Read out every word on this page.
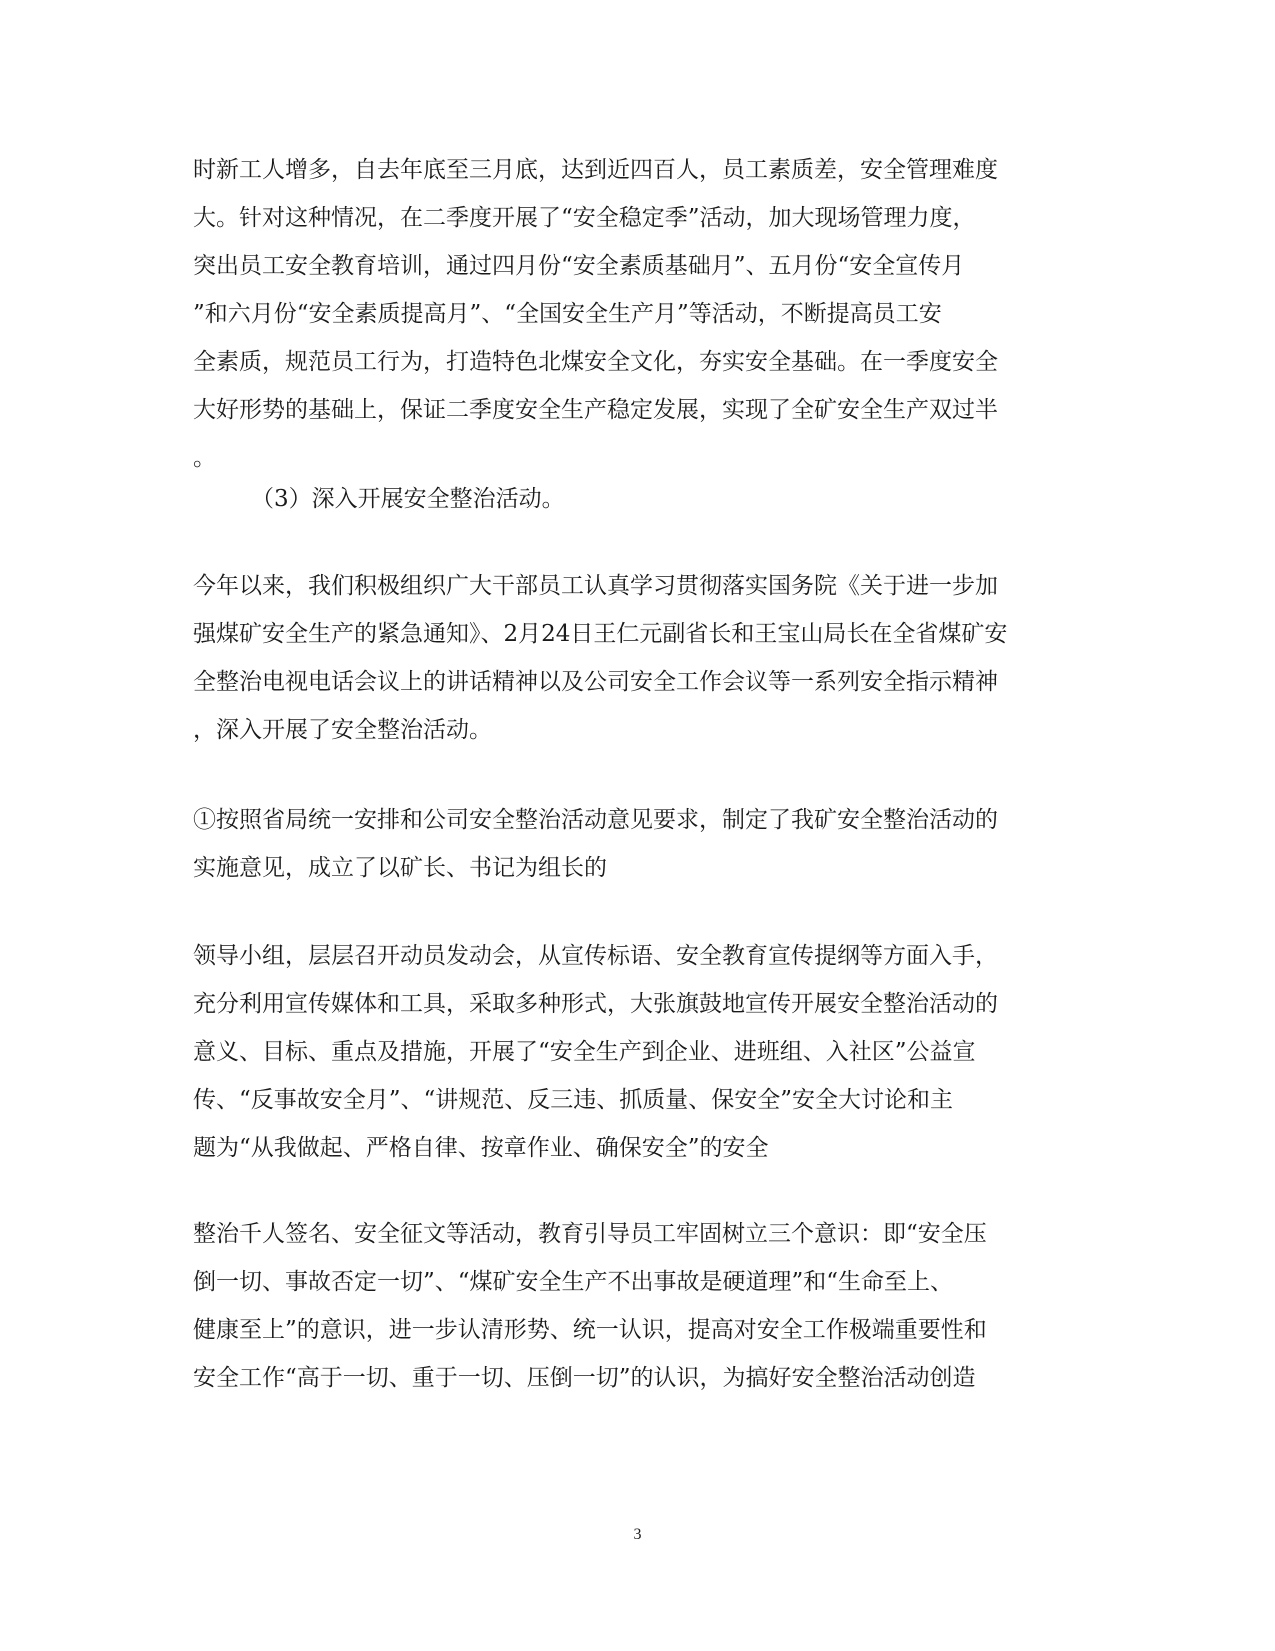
时新工人增多，自去年底至三月底，达到近四百人，员工素质差，安全管理难度
大。针对这种情况，在二季度开展了“安全稳定季”活动，加大现场管理力度，
突出员工安全教育培训，通过四月份“安全素质基础月”、五月份“安全宣传月
”和六月份“安全素质提高月”、“全国安全生产月”等活动，不断提高员工安
全素质，规范员工行为，打造特色北煤安全文化，夯实安全基础。在一季度安全
大好形势的基础上，保证二季度安全生产稳定发展，实现了全矿安全生产双过半
。
（3）深入开展安全整治活动。
今年以来，我们积极组织广大干部员工认真学习贯彻落实国务院《关于进一步加
强煤矿安全生产的紧急通知》、2月24日王仁元副省长和王宝山局长在全省煤矿安
全整治电视电话会议上的讲话精神以及公司安全工作会议等一系列安全指示精神
，深入开展了安全整治活动。
①按照省局统一安排和公司安全整治活动意见要求，制定了我矿安全整治活动的
实施意见，成立了以矿长、书记为组长的
领导小组，层层召开动员发动会，从宣传标语、安全教育宣传提纲等方面入手，
充分利用宣传媒体和工具，采取多种形式，大张旗鼓地宣传开展安全整治活动的
意义、目标、重点及措施，开展了“安全生产到企业、进班组、入社区”公益宣
传、“反事故安全月”、“讲规范、反三违、抓质量、保安全”安全大讨论和主
题为“从我做起、严格自律、按章作业、确保安全”的安全
整治千人签名、安全征文等活动，教育引导员工牢固树立三个意识：即“安全压
倒一切、事故否定一切”、“煤矿安全生产不出事故是硬道理”和“生命至上、
健康至上”的意识，进一步认清形势、统一认识，提高对安全工作极端重要性和
安全工作“高于一切、重于一切、压倒一切”的认识，为搞好安全整治活动创造
3
